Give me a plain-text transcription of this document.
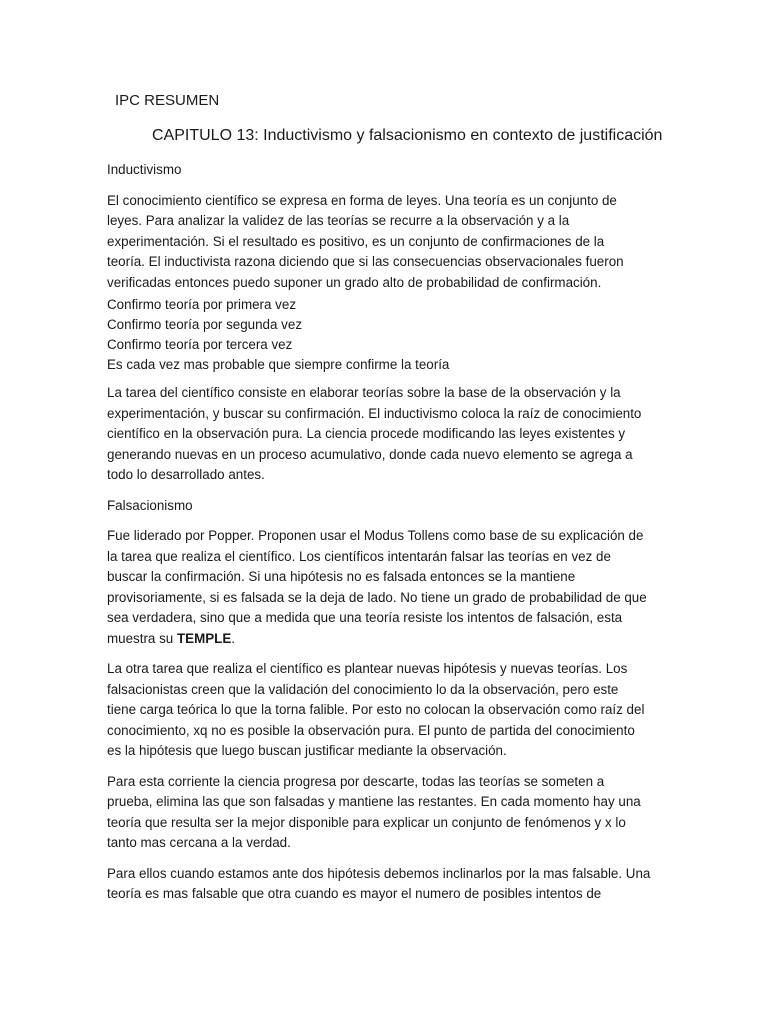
IPC RESUMEN
CAPITULO 13: Inductivismo y falsacionismo en contexto de justificación
Inductivismo

El conocimiento científico se expresa en forma de leyes. Una teoría es un conjunto de
leyes. Para analizar la validez de las teorías se recurre a la observación y a la
experimentación. Si el resultado es positivo, es un conjunto de confirmaciones de la
teoría. El inductivista razona diciendo que si las consecuencias observacionales fueron
verificadas entonces puedo suponer un grado alto de probabilidad de confirmación.

Confirmo teoría por primera vez
Confirmo teoría por segunda vez
Confirmo teoría por tercera vez
Es cada vez mas probable que siempre confirme la teoría

La tarea del científico consiste en elaborar teorías sobre la base de la observación y la
experimentación, y buscar su confirmación. El inductivismo coloca la raíz de conocimiento
científico en la observación pura. La ciencia procede modificando las leyes existentes y
generando nuevas en un proceso acumulativo, donde cada nuevo elemento se agrega a
todo lo desarrollado antes.

Falsacionismo

Fue liderado por Popper. Proponen usar el Modus Tollens como base de su explicación de
la tarea que realiza el científico. Los científicos intentarán falsar las teorías en vez de
buscar la confirmación. Si una hipótesis no es falsada entonces se la mantiene
provisoriamente, si es falsada se la deja de lado. No tiene un grado de probabilidad de que
sea verdadera, sino que a medida que una teoría resiste los intentos de falsación, esta
muestra su TEMPLE.

La otra tarea que realiza el científico es plantear nuevas hipótesis y nuevas teorías. Los
falsacionistas creen que la validación del conocimiento lo da la observación, pero este
tiene carga teórica lo que la torna falible. Por esto no colocan la observación como raíz del
conocimiento, xq no es posible la observación pura. El punto de partida del conocimiento
es la hipótesis que luego buscan justificar mediante la observación.

Para esta corriente la ciencia progresa por descarte, todas las teorías se someten a
prueba, elimina las que son falsadas y mantiene las restantes. En cada momento hay una
teoría que resulta ser la mejor disponible para explicar un conjunto de fenómenos y x lo
tanto mas cercana a la verdad.

Para ellos cuando estamos ante dos hipótesis debemos inclinarlos por la mas falsable. Una
teoría es mas falsable que otra cuando es mayor el numero de posibles intentos de
